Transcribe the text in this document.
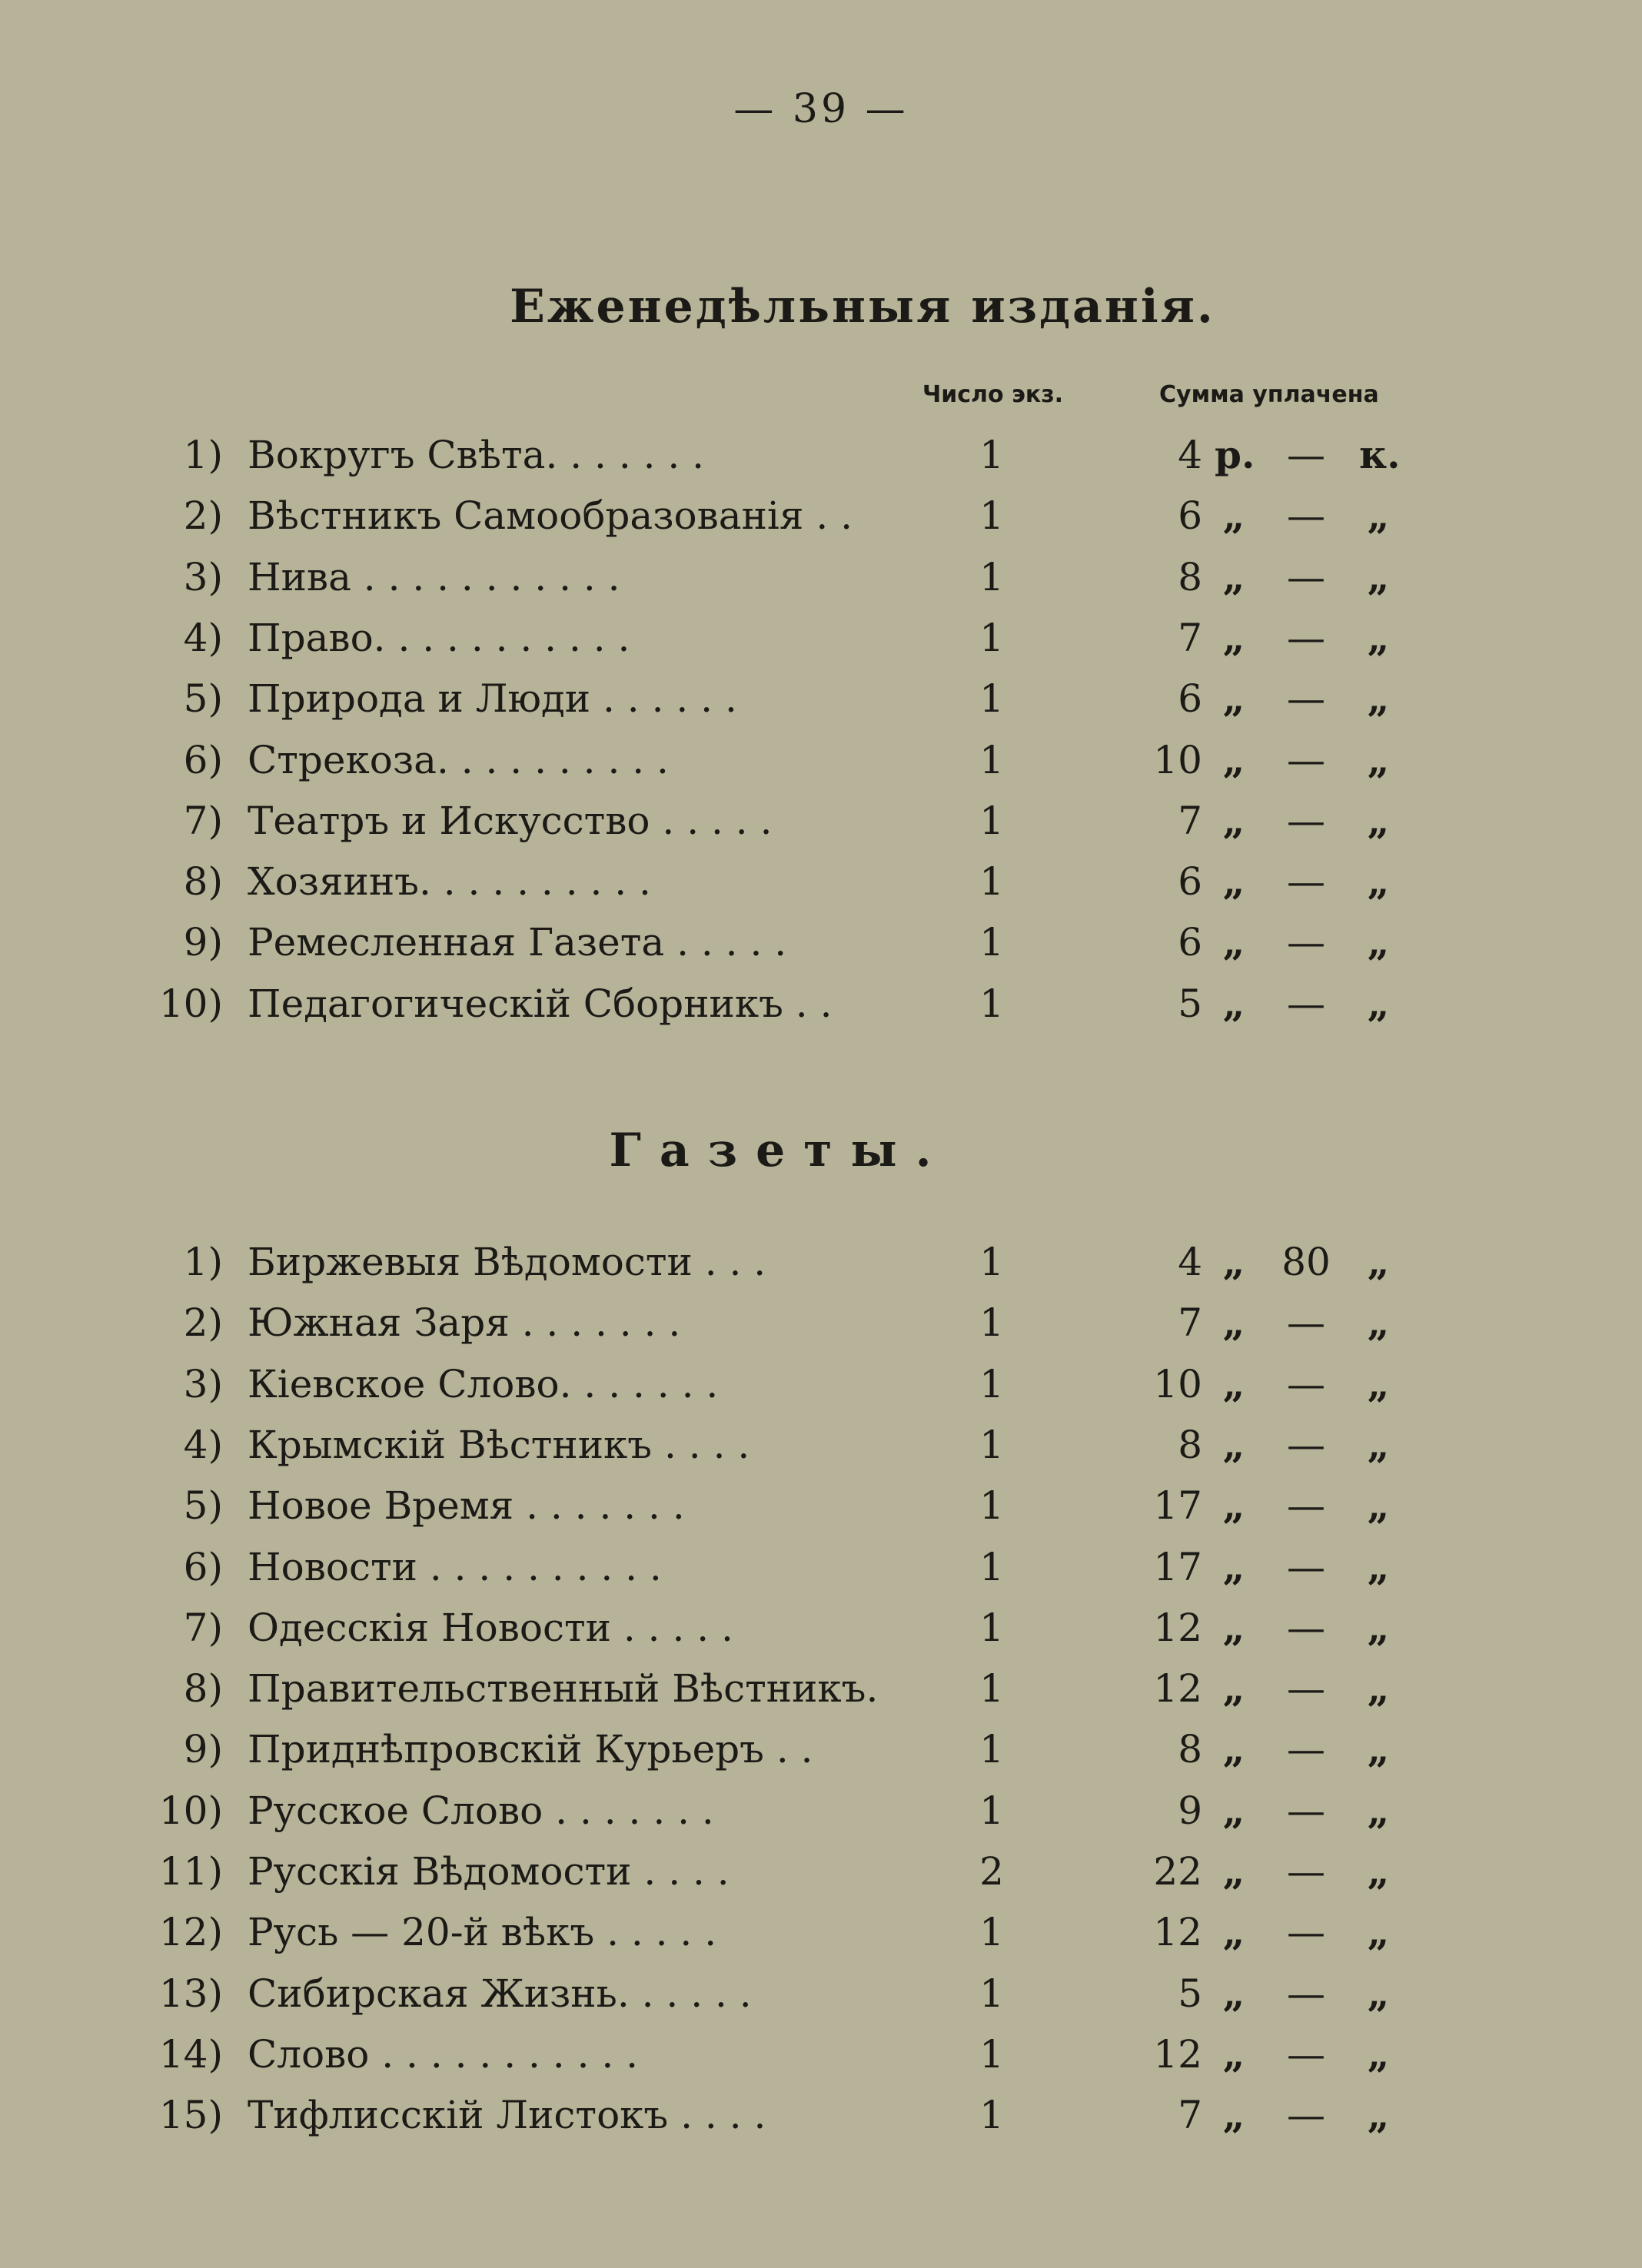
— 39 —
Еженедѣльныя изданія.
Число экз.	Сумма уплачена
1) Вокругъ Свѣта. . . . . . .	1	4 р. — к.
2) Вѣстникъ Самообразованія . .	1	6 „	—	„
3) Нива . . . . . . . . . . .	1	8 „	—	„
4) Право. . . . . . . . . . .	1	7 „	—	„
5) Природа и Люди . . . . . .	1	6 „	—	„
6) Стрекоза. . . . . . . . . .	1	10 „	—	„
7) Театръ и Искусство . . . . .	1	7 „	—	„
8) Хозяинъ. . . . . . . . . .	1	6 „	—	„
9) Ремесленная Газета . . . . .	1	6 „	—	„
10) Педагогическій Сборникъ . .	1	5 „	—	„
Газеты.
1) Биржевыя Вѣдомости . . .	1	4 „ 80 „
2) Южная Заря . . . . . . .	1	7 „	—	„
3) Кіевское Слово. . . . . . .	1	10 „	—	„
4) Крымскій Вѣстникъ . . . .	1	8 „	—	„
5) Новое Время . . . . . . .	1	17 „	—	„
6) Новости . . . . . . . . . .	1	17 „	—	„
7) Одесскія Новости . . . . .	1	12 „	—	„
8) Правительственный Вѣстникъ.	1	12 „	—	„
9) Приднѣпровскій Курьеръ . .	1	8 „	—	„
10) Русское Слово . . . . . . .	1	9 „	—	„
11) Русскія Вѣдомости . . . .	2	22 „	—	„
12) Русь — 20-й вѣкъ . . . . .	1	12 „	—	„
13) Сибирская Жизнь. . . . . .	1	5 „	—	„
14) Слово . . . . . . . . . . .	1	12 „	—	„
15) Тифлисскій Листокъ . . . .	1	7 „	—	„
